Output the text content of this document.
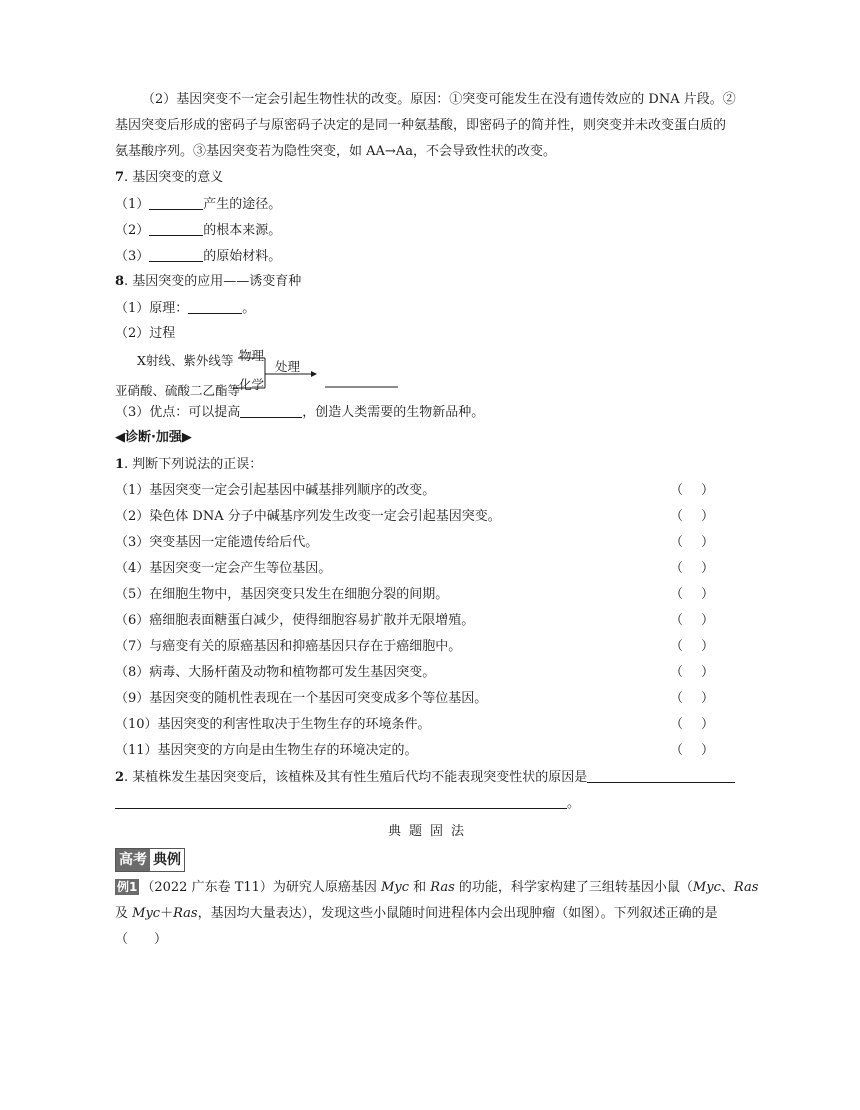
（2）基因突变不一定会引起生物性状的改变。原因：①突变可能发生在没有遗传效应的 DNA 片段。②
基因突变后形成的密码子与原密码子决定的是同一种氨基酸，即密码子的简并性，则突变并未改变蛋白质的
氨基酸序列。③基因突变若为隐性突变，如 AA→Aa，不会导致性状的改变。
7. 基因突变的意义
（1）	产生的途径。
（2）	的根本来源。
（3）	的原始材料。
8. 基因突变的应用——诱变育种
（1）原理：	。
（2）过程
X射线、紫外线等 物理
亚硝酸、硫酸二乙酯等
化学
处理
（3）优点：可以提高	，创造人类需要的生物新品种。
◀诊断·加强▶
1. 判断下列说法的正误：
（1）基因突变一定会引起基因中碱基排列顺序的改变。	（ ）
（2）染色体 DNA 分子中碱基序列发生改变一定会引起基因突变。	（ ）
（3）突变基因一定能遗传给后代。	（ ）
（4）基因突变一定会产生等位基因。	（ ）
（5）在细胞生物中，基因突变只发生在细胞分裂的间期。	（ ）
（6）癌细胞表面糖蛋白减少，使得细胞容易扩散并无限增殖。	（ ）
（7）与癌变有关的原癌基因和抑癌基因只存在于癌细胞中。	（ ）
（8）病毒、大肠杆菌及动物和植物都可发生基因突变。	（ ）
（9）基因突变的随机性表现在一个基因可突变成多个等位基因。	（ ）
（10）基因突变的利害性取决于生物生存的环境条件。	（ ）
（11）基因突变的方向是由生物生存的环境决定的。	（ ）
2. 某植株发生基因突变后，该植株及其有性生殖后代均不能表现突变性状的原因是
。
典题固法
高考 典例
例1 （2022 广东卷 T11）为研究人原癌基因 Myc 和 Ras 的功能，科学家构建了三组转基因小鼠（Myc、Ras
及 Myc＋Ras，基因均大量表达），发现这些小鼠随时间进程体内会出现肿瘤（如图）。下列叙述正确的是
（　　）
